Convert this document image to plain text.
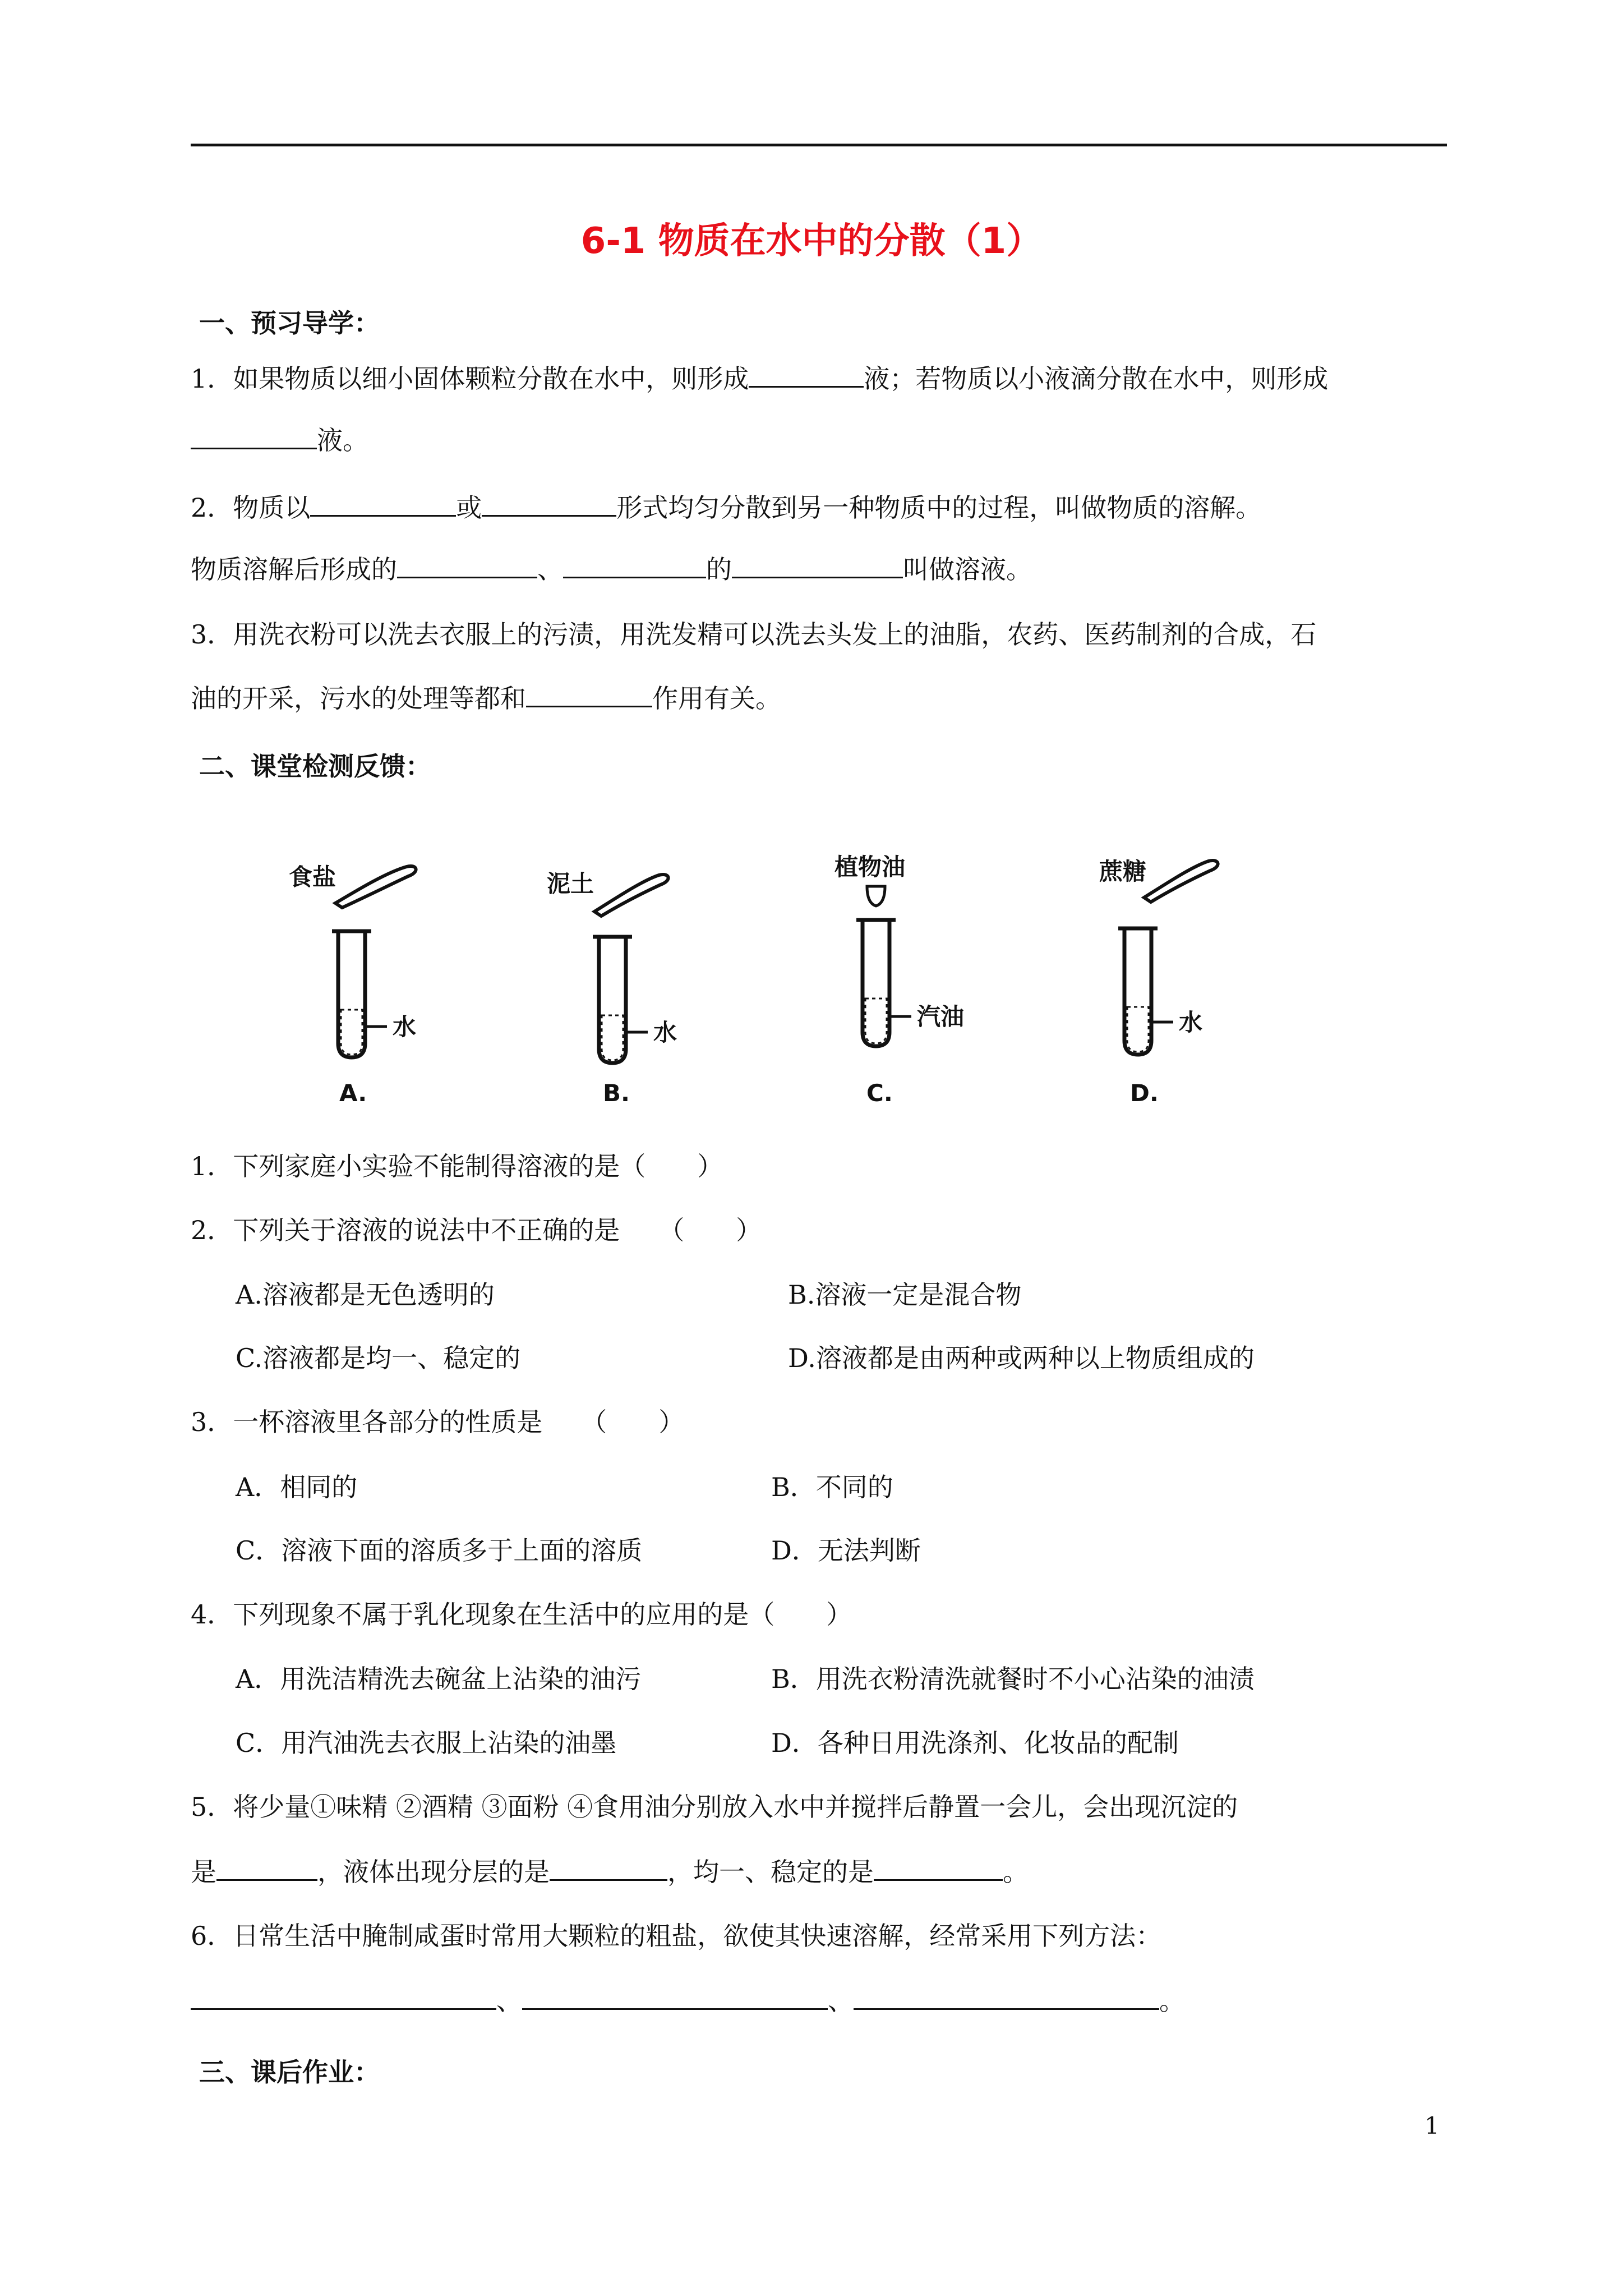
6-1 物质在水中的分散（1）
一、预习导学：
1．如果物质以细小固体颗粒分散在水中，则形成	液；若物质以小液滴分散在水中，则形成
液。
2．物质以	或	形式均匀分散到另一种物质中的过程，叫做物质的溶解。
物质溶解后形成的	、	的	叫做溶液。
3．用洗衣粉可以洗去衣服上的污渍，用洗发精可以洗去头发上的油脂，农药、医药制剂的合成，石
油的开采，污水的处理等都和	作用有关。
二、课堂检测反馈：
食盐
水
A.
泥土
水
B.
植物油
汽油
C.
蔗糖
水
D.
1．下列家庭小实验不能制得溶液的是（　　）
2．下列关于溶液的说法中不正确的是　　（　　）
A.溶液都是无色透明的	B.溶液一定是混合物
C.溶液都是均一、稳定的	D.溶液都是由两种或两种以上物质组成的
3．一杯溶液里各部分的性质是　　（　　）
A．相同的	B．不同的
C．溶液下面的溶质多于上面的溶质	D．无法判断
4．下列现象不属于乳化现象在生活中的应用的是（　　）
A．用洗洁精洗去碗盆上沾染的油污	B．用洗衣粉清洗就餐时不小心沾染的油渍
C．用汽油洗去衣服上沾染的油墨	D．各种日用洗涤剂、化妆品的配制
5．将少量①味精 ②酒精 ③面粉 ④食用油分别放入水中并搅拌后静置一会儿，会出现沉淀的
是	，液体出现分层的是	，均一、稳定的是	。
6．日常生活中腌制咸蛋时常用大颗粒的粗盐，欲使其快速溶解，经常采用下列方法：
、	、	。
三、课后作业：
1
